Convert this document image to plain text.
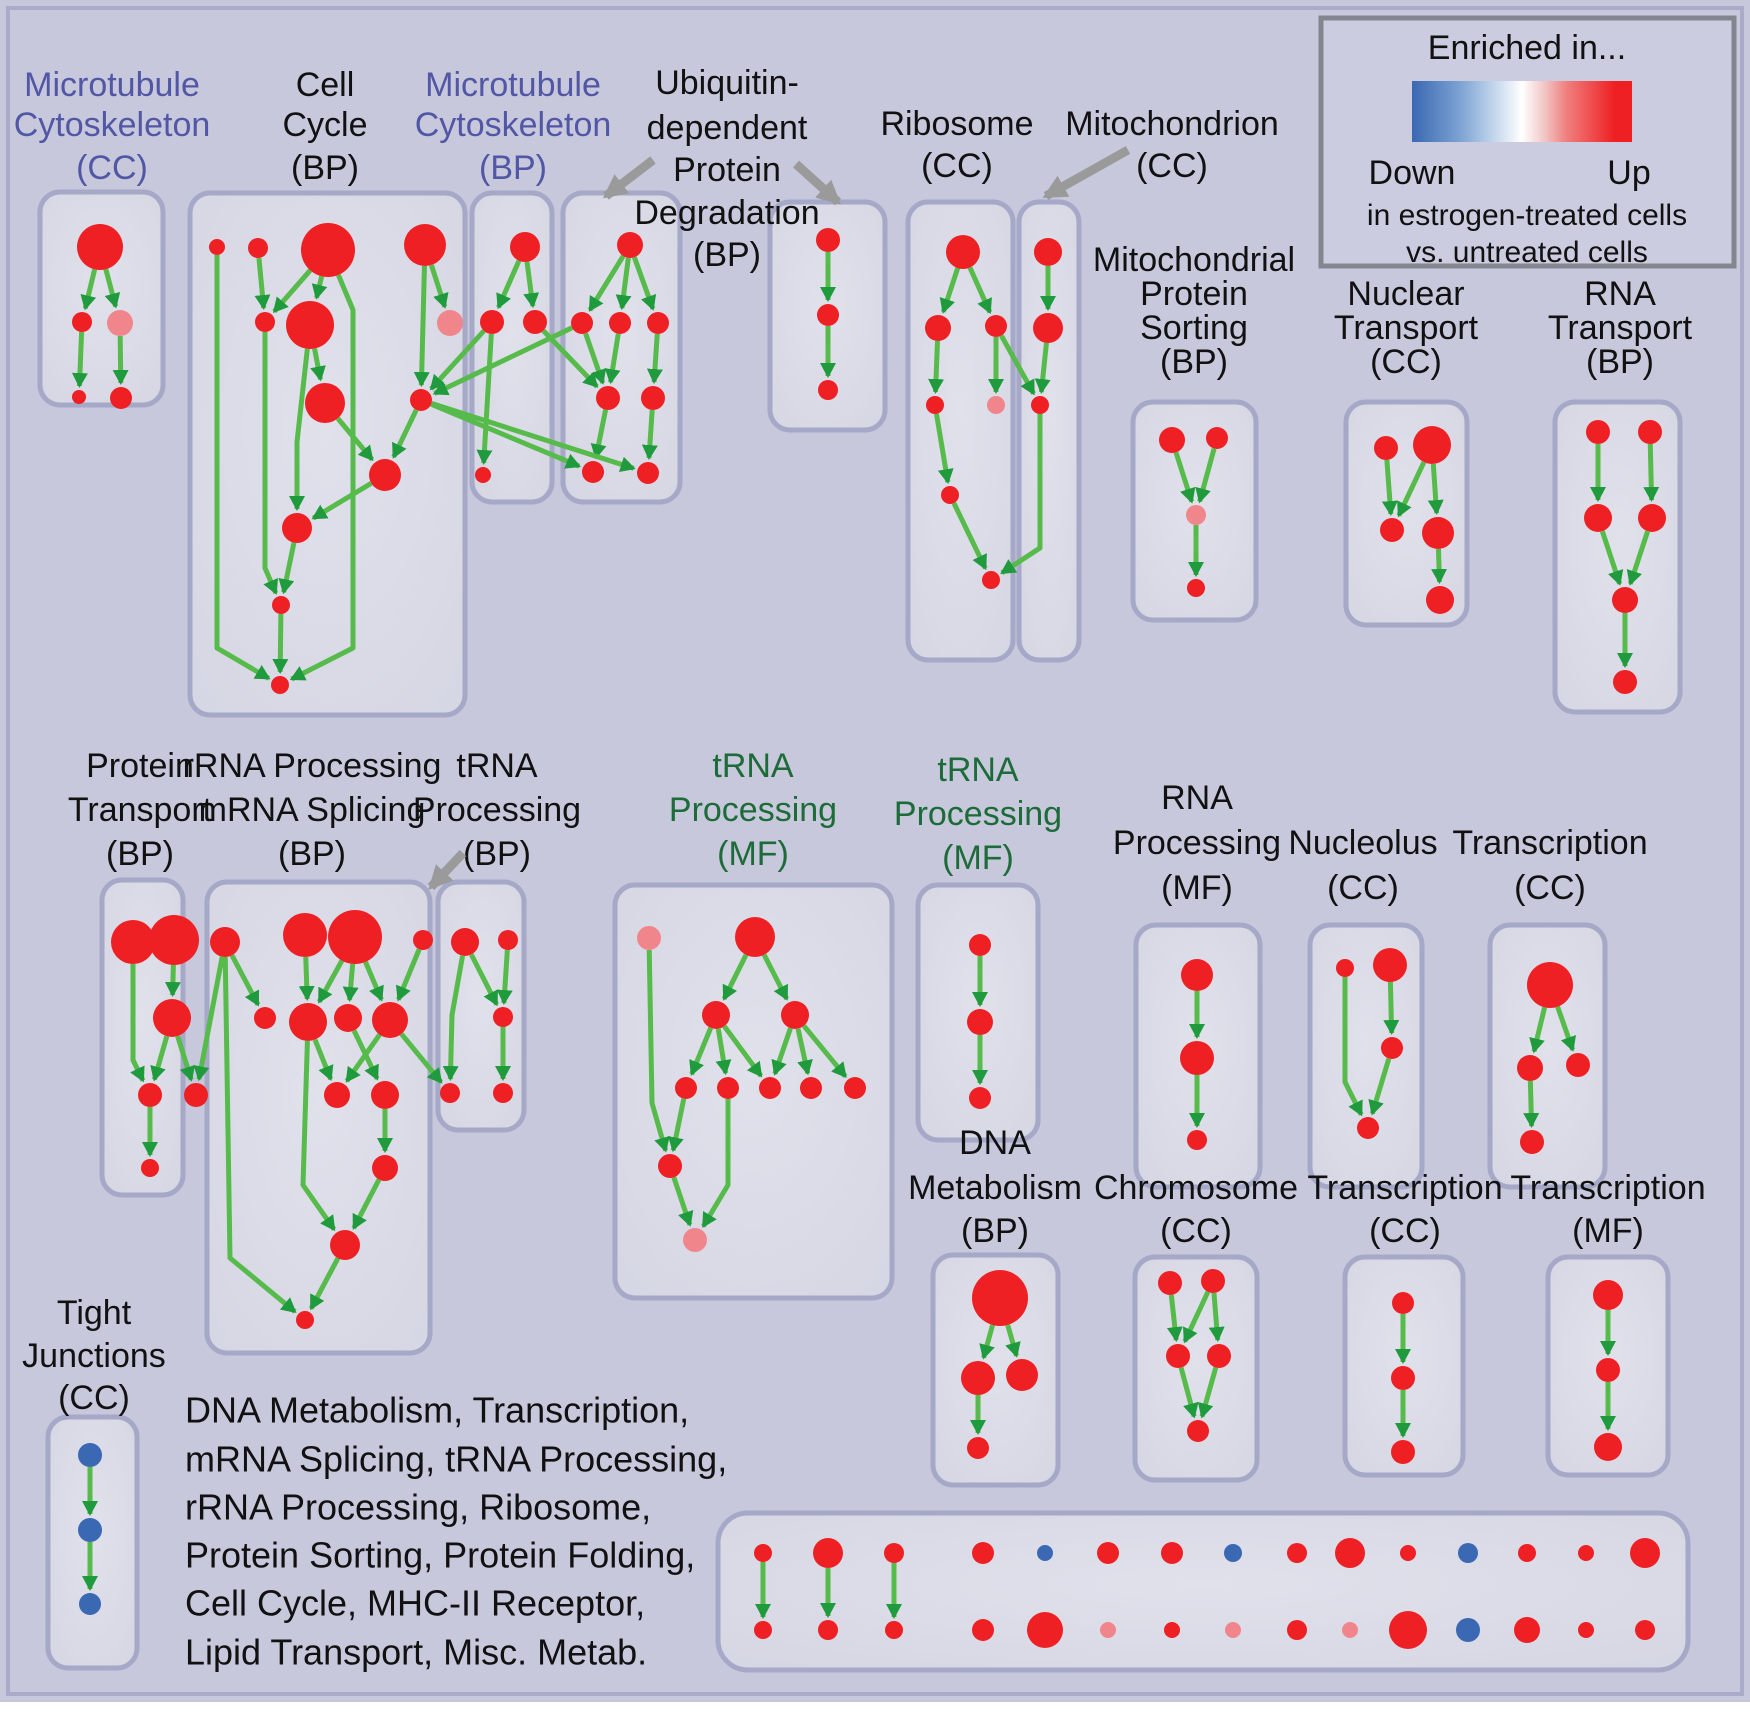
Microtubule
Cytoskeleton
(CC)
Cell
Cycle
(BP)
Microtubule
Cytoskeleton
(BP)
Ubiquitin-
dependent
Protein
Degradation
(BP)
Ribosome
(CC)
Mitochondrion
(CC)
Mitochondrial
Protein
Sorting
(BP)
Nuclear
Transport
(CC)
RNA
Transport
(BP)
Protein
Transport
(BP)
rRNA Processing
mRNA Splicing
(BP)
tRNA
Processing
(BP)
tRNA
Processing
(MF)
tRNA
Processing
(MF)
RNA
Processing
(MF)
Nucleolus
(CC)
Transcription
(CC)
DNA
Metabolism
(BP)
Chromosome
(CC)
Transcription
(CC)
Transcription
(MF)
Tight
Junctions
(CC)
Enriched in...
Down	Up
in estrogen-treated cells
vs. untreated cells
DNA Metabolism, Transcription,
mRNA Splicing, tRNA Processing,
rRNA Processing, Ribosome,
Protein Sorting, Protein Folding,
Cell Cycle, MHC-II Receptor,
Lipid Transport, Misc. Metab.
